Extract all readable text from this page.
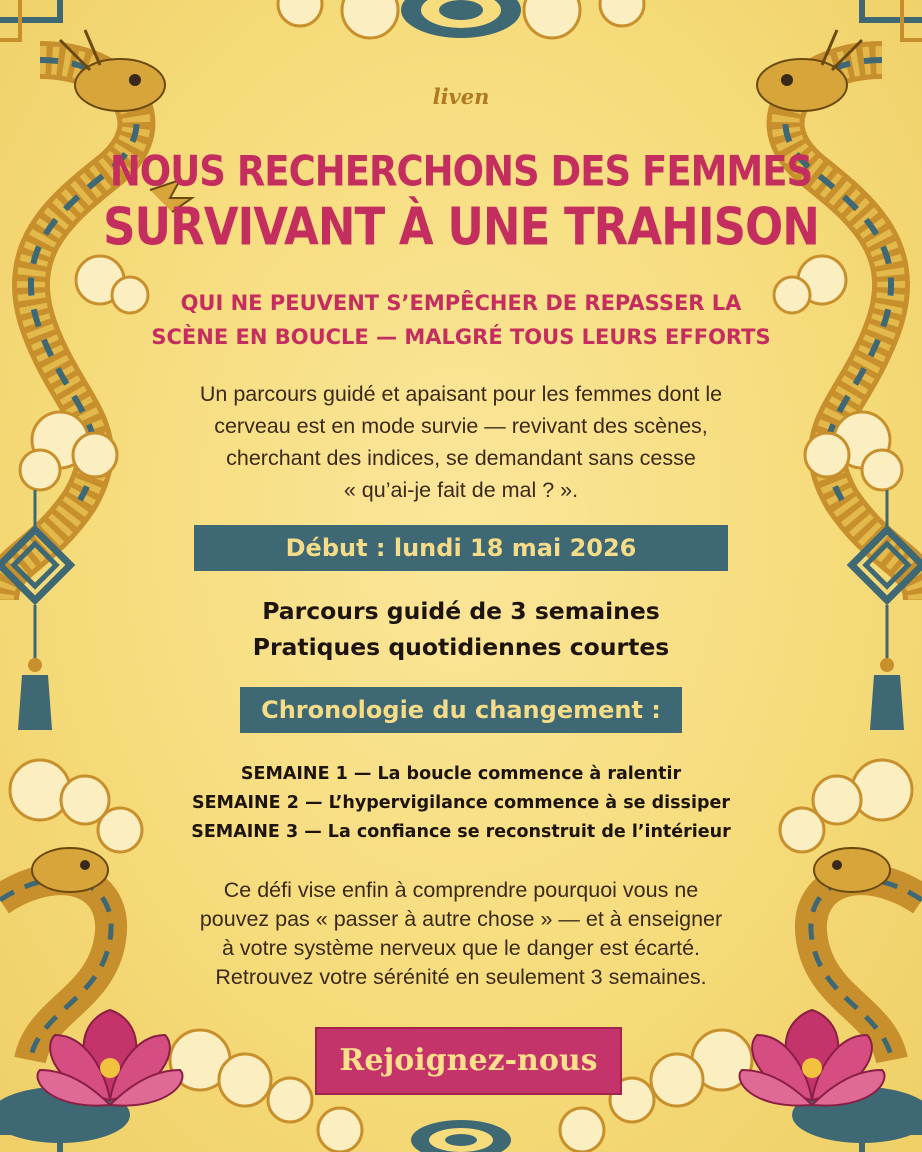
liven
NOUS RECHERCHONS DES FEMMES
SURVIVANT À UNE TRAHISON
QUI NE PEUVENT S’EMPÊCHER DE REPASSER LA
SCÈNE EN BOUCLE — MALGRÉ TOUS LEURS EFFORTS
Un parcours guidé et apaisant pour les femmes dont le
cerveau est en mode survie — revivant des scènes,
cherchant des indices, se demandant sans cesse
« qu’ai-je fait de mal ? ».
Début : lundi 18 mai 2026
Parcours guidé de 3 semaines
Pratiques quotidiennes courtes
Chronologie du changement :
SEMAINE 1 — La boucle commence à ralentir
SEMAINE 2 — L’hypervigilance commence à se dissiper
SEMAINE 3 — La confiance se reconstruit de l’intérieur
Ce défi vise enfin à comprendre pourquoi vous ne
pouvez pas « passer à autre chose » — et à enseigner
à votre système nerveux que le danger est écarté.
Retrouvez votre sérénité en seulement 3 semaines.
Rejoignez-nous
